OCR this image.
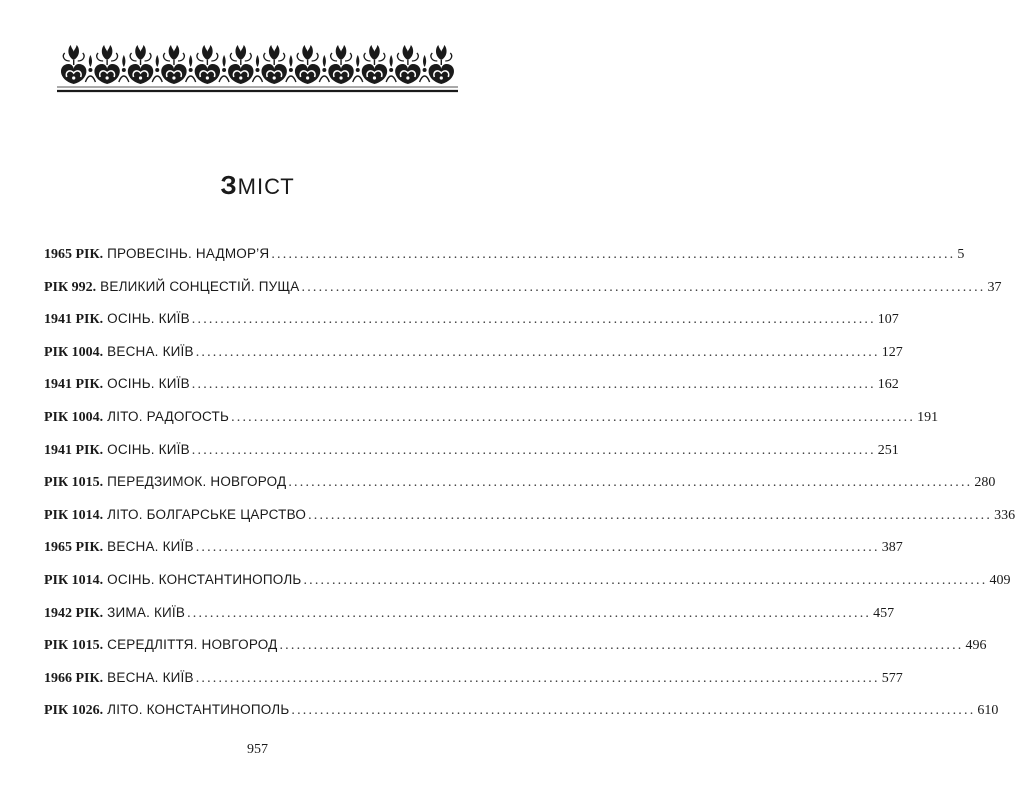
ЗМІСТ
1965 РІК. ПРОВЕСІНЬ. НАДМОР’Я ........................................................................................................................ 5
РІК 992. ВЕЛИКИЙ СОНЦЕСТІЙ. ПУЩА ........................................................................................................................ 37
1941 РІК. ОСІНЬ. КИЇВ ........................................................................................................................ 107
РІК 1004. ВЕСНА. КИЇВ ........................................................................................................................ 127
1941 РІК. ОСІНЬ. КИЇВ ........................................................................................................................ 162
РІК 1004. ЛІТО. РАДОГОСТЬ ........................................................................................................................ 191
1941 РІК. ОСІНЬ. КИЇВ ........................................................................................................................ 251
РІК 1015. ПЕРЕДЗИМОК. НОВГОРОД ........................................................................................................................ 280
РІК 1014. ЛІТО. БОЛГАРСЬКЕ ЦАРСТВО ........................................................................................................................ 336
1965 РІК. ВЕСНА. КИЇВ ........................................................................................................................ 387
РІК 1014. ОСІНЬ. КОНСТАНТИНОПОЛЬ ........................................................................................................................ 409
1942 РІК. ЗИМА. КИЇВ ........................................................................................................................ 457
РІК 1015. СЕРЕДЛІТТЯ. НОВГОРОД ........................................................................................................................ 496
1966 РІК. ВЕСНА. КИЇВ ........................................................................................................................ 577
РІК 1026. ЛІТО. КОНСТАНТИНОПОЛЬ ........................................................................................................................ 610
957
